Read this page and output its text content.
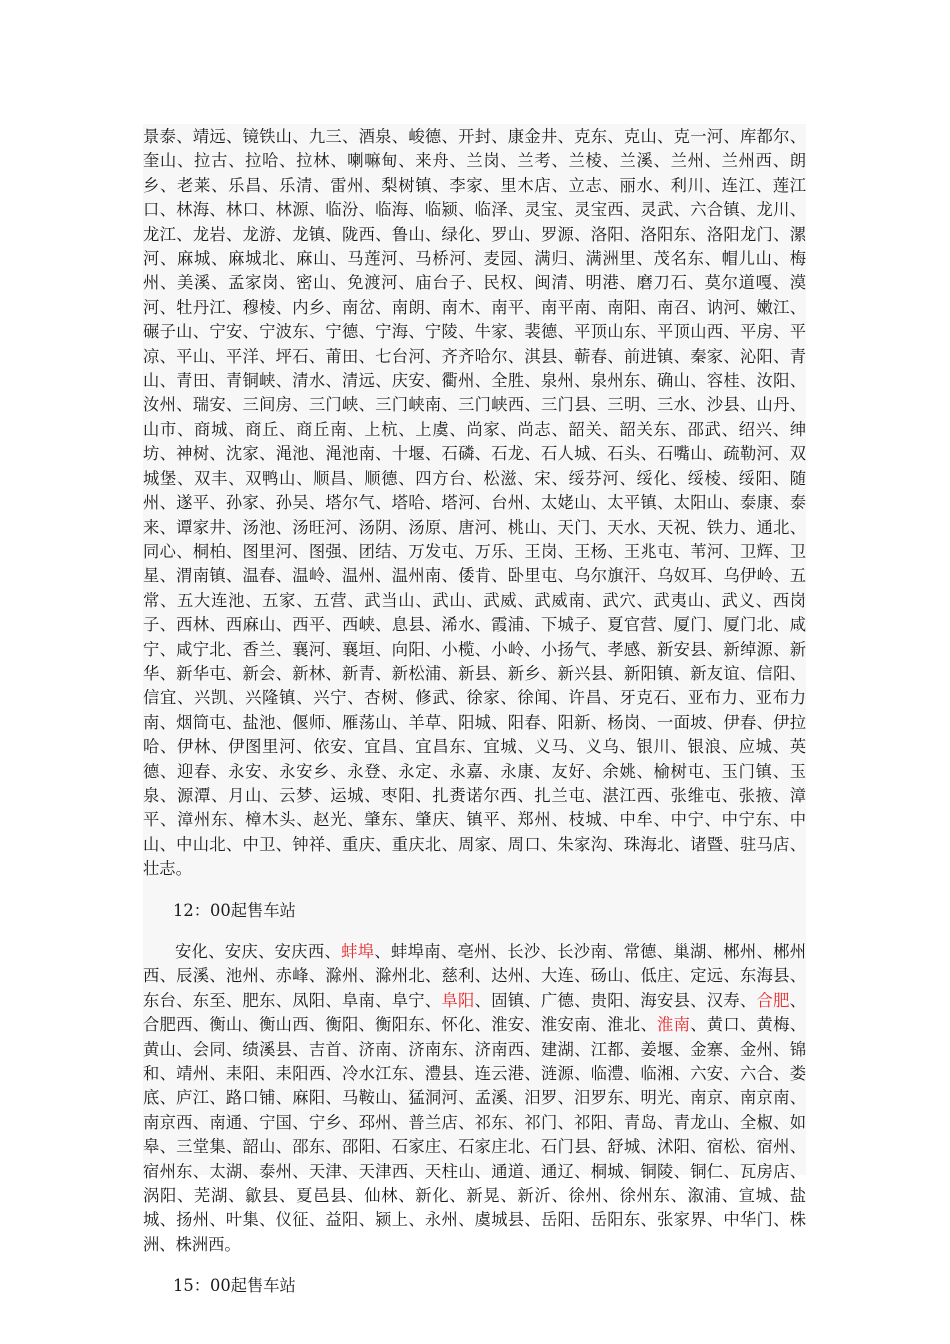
景泰、靖远、镜铁山、九三、酒泉、峻德、开封、康金井、克东、克山、克一河、库都尔、奎山、拉古、拉哈、拉林、喇嘛甸、来舟、兰岗、兰考、兰棱、兰溪、兰州、兰州西、朗乡、老莱、乐昌、乐清、雷州、梨树镇、李家、里木店、立志、丽水、利川、连江、莲江口、林海、林口、林源、临汾、临海、临颍、临泽、灵宝、灵宝西、灵武、六合镇、龙川、龙江、龙岩、龙游、龙镇、陇西、鲁山、绿化、罗山、罗源、洛阳、洛阳东、洛阳龙门、漯河、麻城、麻城北、麻山、马莲河、马桥河、麦园、满归、满洲里、茂名东、帽儿山、梅州、美溪、孟家岗、密山、免渡河、庙台子、民权、闽清、明港、磨刀石、莫尔道嘎、漠河、牡丹江、穆棱、内乡、南岔、南朗、南木、南平、南平南、南阳、南召、讷河、嫩江、碾子山、宁安、宁波东、宁德、宁海、宁陵、牛家、裴德、平顶山东、平顶山西、平房、平凉、平山、平洋、坪石、莆田、七台河、齐齐哈尔、淇县、蕲春、前进镇、秦家、沁阳、青山、青田、青铜峡、清水、清远、庆安、衢州、全胜、泉州、泉州东、确山、容桂、汝阳、汝州、瑞安、三间房、三门峡、三门峡南、三门峡西、三门县、三明、三水、沙县、山丹、山市、商城、商丘、商丘南、上杭、上虞、尚家、尚志、韶关、韶关东、邵武、绍兴、绅坊、神树、沈家、渑池、渑池南、十堰、石磷、石龙、石人城、石头、石嘴山、疏勒河、双城堡、双丰、双鸭山、顺昌、顺德、四方台、松滋、宋、绥芬河、绥化、绥棱、绥阳、随州、遂平、孙家、孙吴、塔尔气、塔哈、塔河、台州、太姥山、太平镇、太阳山、泰康、泰来、谭家井、汤池、汤旺河、汤阴、汤原、唐河、桃山、天门、天水、天祝、铁力、通北、同心、桐柏、图里河、图强、团结、万发屯、万乐、王岗、王杨、王兆屯、苇河、卫辉、卫星、渭南镇、温春、温岭、温州、温州南、倭肯、卧里屯、乌尔旗汗、乌奴耳、乌伊岭、五常、五大连池、五家、五营、武当山、武山、武威、武威南、武穴、武夷山、武义、西岗子、西林、西麻山、西平、西峡、息县、浠水、霞浦、下城子、夏官营、厦门、厦门北、咸宁、咸宁北、香兰、襄河、襄垣、向阳、小榄、小岭、小扬气、孝感、新安县、新绰源、新华、新华屯、新会、新林、新青、新松浦、新县、新乡、新兴县、新阳镇、新友谊、信阳、信宜、兴凯、兴隆镇、兴宁、杏树、修武、徐家、徐闻、许昌、牙克石、亚布力、亚布力南、烟筒屯、盐池、偃师、雁荡山、羊草、阳城、阳春、阳新、杨岗、一面坡、伊春、伊拉哈、伊林、伊图里河、依安、宜昌、宜昌东、宜城、义马、义乌、银川、银浪、应城、英德、迎春、永安、永安乡、永登、永定、永嘉、永康、友好、余姚、榆树屯、玉门镇、玉泉、源潭、月山、云梦、运城、枣阳、扎赉诺尔西、扎兰屯、湛江西、张维屯、张掖、漳平、漳州东、樟木头、赵光、肇东、肇庆、镇平、郑州、枝城、中牟、中宁、中宁东、中山、中山北、中卫、钟祥、重庆、重庆北、周家、周口、朱家沟、珠海北、诸暨、驻马店、壮志。

12：00起售车站

安化、安庆、安庆西、蚌埠、蚌埠南、亳州、长沙、长沙南、常德、巢湖、郴州、郴州西、辰溪、池州、赤峰、滁州、滁州北、慈利、达州、大连、砀山、低庄、定远、东海县、东台、东至、肥东、凤阳、阜南、阜宁、阜阳、固镇、广德、贵阳、海安县、汉寿、合肥、合肥西、衡山、衡山西、衡阳、衡阳东、怀化、淮安、淮安南、淮北、淮南、黄口、黄梅、黄山、会同、绩溪县、吉首、济南、济南东、济南西、建湖、江都、姜堰、金寨、金州、锦和、靖州、耒阳、耒阳西、冷水江东、澧县、连云港、涟源、临澧、临湘、六安、六合、娄底、庐江、路口铺、麻阳、马鞍山、猛洞河、孟溪、汨罗、汨罗东、明光、南京、南京南、南京西、南通、宁国、宁乡、邳州、普兰店、祁东、祁门、祁阳、青岛、青龙山、全椒、如皋、三堂集、韶山、邵东、邵阳、石家庄、石家庄北、石门县、舒城、沭阳、宿松、宿州、宿州东、太湖、泰州、天津、天津西、天柱山、通道、通辽、桐城、铜陵、铜仁、瓦房店、涡阳、芜湖、歙县、夏邑县、仙林、新化、新晃、新沂、徐州、徐州东、溆浦、宣城、盐城、扬州、叶集、仪征、益阳、颍上、永州、虞城县、岳阳、岳阳东、张家界、中华门、株洲、株洲西。

15：00起售车站
